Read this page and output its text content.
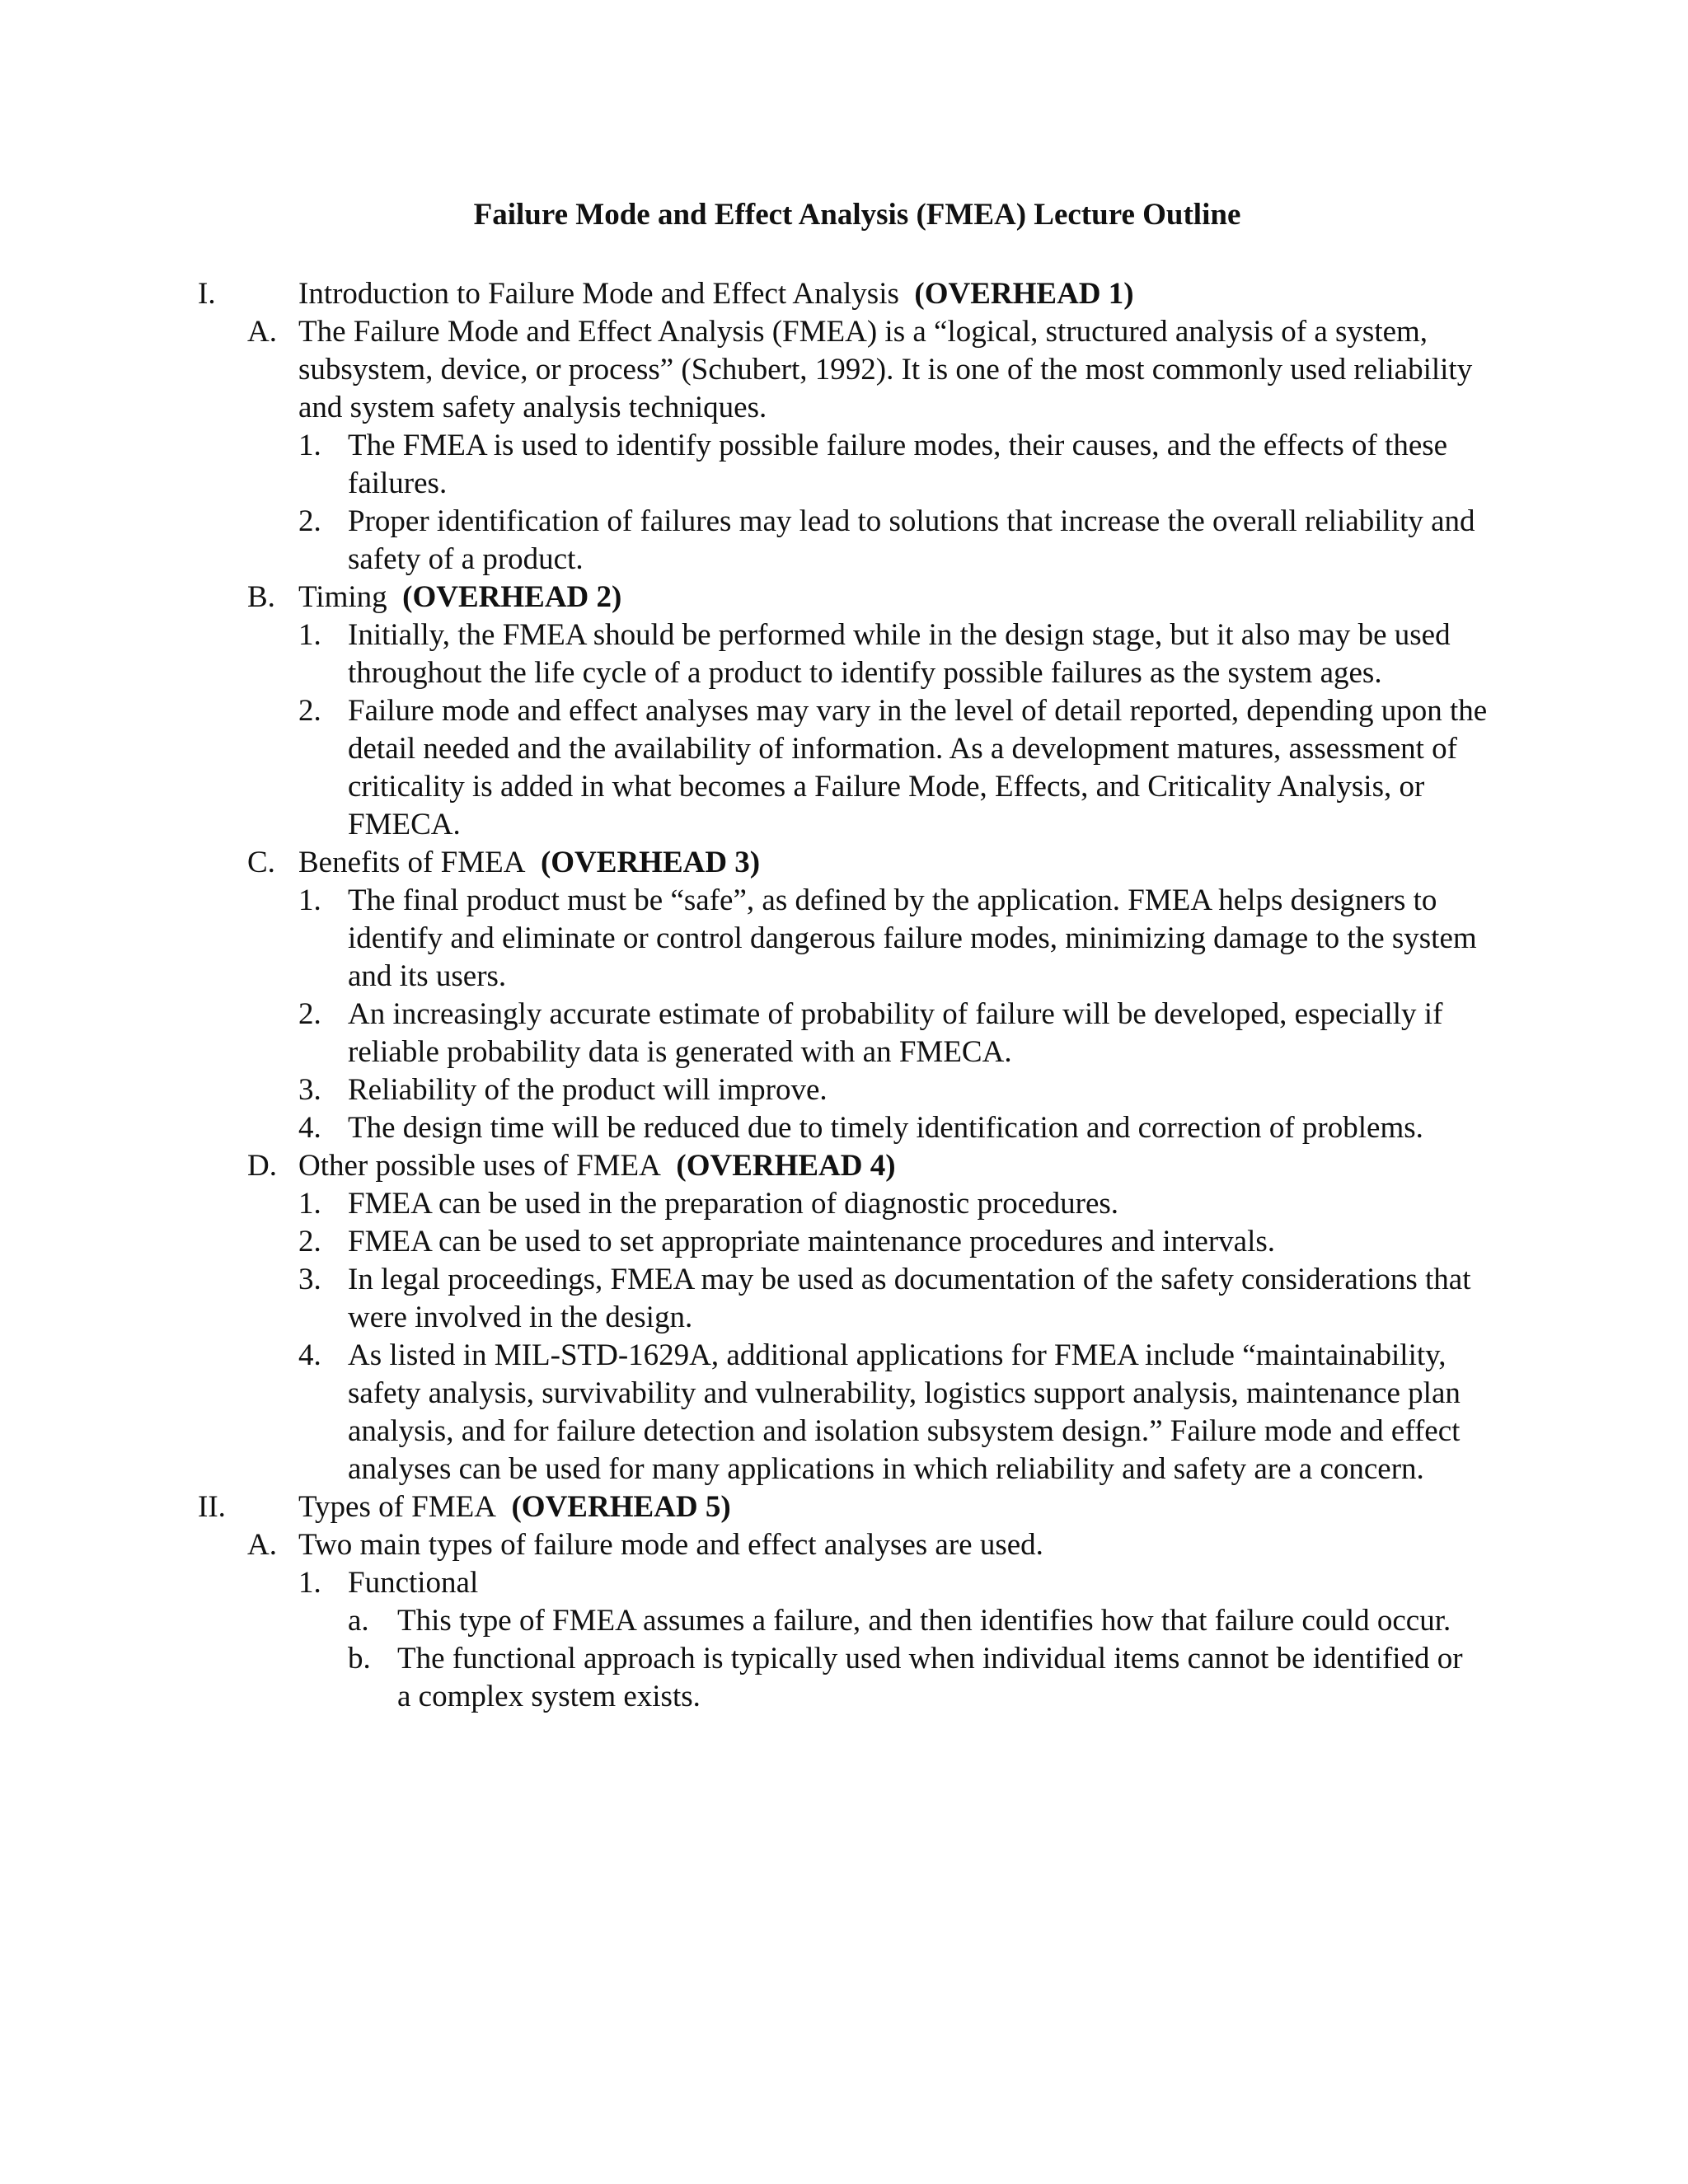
Failure Mode and Effect Analysis (FMEA) Lecture Outline
I.	Introduction to Failure Mode and Effect Analysis (OVERHEAD 1)
A. The Failure Mode and Effect Analysis (FMEA) is a “logical, structured analysis of a system, subsystem, device, or process” (Schubert, 1992). It is one of the most commonly used reliability and system safety analysis techniques.
1. The FMEA is used to identify possible failure modes, their causes, and the effects of these failures.
2. Proper identification of failures may lead to solutions that increase the overall reliability and safety of a product.
B. Timing (OVERHEAD 2)
1. Initially, the FMEA should be performed while in the design stage, but it also may be used throughout the life cycle of a product to identify possible failures as the system ages.
2. Failure mode and effect analyses may vary in the level of detail reported, depending upon the detail needed and the availability of information. As a development matures, assessment of criticality is added in what becomes a Failure Mode, Effects, and Criticality Analysis, or FMECA.
C. Benefits of FMEA (OVERHEAD 3)
1. The final product must be “safe”, as defined by the application. FMEA helps designers to identify and eliminate or control dangerous failure modes, minimizing damage to the system and its users.
2. An increasingly accurate estimate of probability of failure will be developed, especially if reliable probability data is generated with an FMECA.
3. Reliability of the product will improve.
4. The design time will be reduced due to timely identification and correction of problems.
D. Other possible uses of FMEA (OVERHEAD 4)
1. FMEA can be used in the preparation of diagnostic procedures.
2. FMEA can be used to set appropriate maintenance procedures and intervals.
3. In legal proceedings, FMEA may be used as documentation of the safety considerations that were involved in the design.
4. As listed in MIL-STD-1629A, additional applications for FMEA include “maintainability, safety analysis, survivability and vulnerability, logistics support analysis, maintenance plan analysis, and for failure detection and isolation subsystem design.” Failure mode and effect analyses can be used for many applications in which reliability and safety are a concern.
II. Types of FMEA (OVERHEAD 5)
A. Two main types of failure mode and effect analyses are used.
1. Functional
a. This type of FMEA assumes a failure, and then identifies how that failure could occur.
b. The functional approach is typically used when individual items cannot be identified or a complex system exists.
